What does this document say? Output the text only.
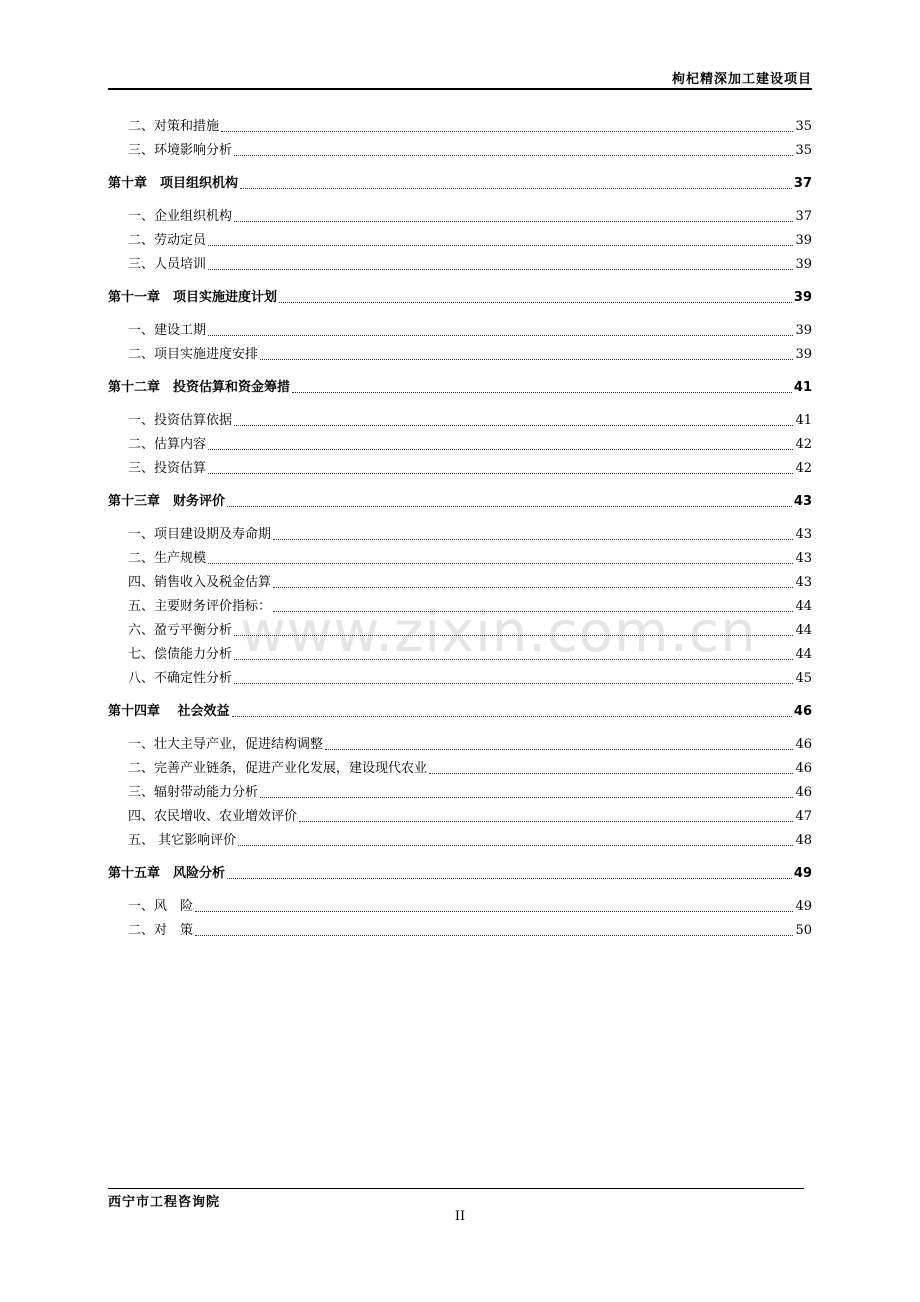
枸杞精深加工建设项目
www.zixin.com.cn
二、对策和措施	35
三、环境影响分析	35
第十章　项目组织机构	37
一、企业组织机构	37
二、劳动定员	39
三、人员培训	39
第十一章　项目实施进度计划	39
一、建设工期	39
二、项目实施进度安排	39
第十二章　投资估算和资金筹措	41
一、投资估算依据	41
二、估算内容	42
三、投资估算	42
第十三章　财务评价	43
一、项目建设期及寿命期	43
二、生产规模	43
四、销售收入及税金估算	43
五、主要财务评价指标：	44
六、盈亏平衡分析	44
七、偿债能力分析	44
八、不确定性分析	45
第十四章　 社会效益	46
一、壮大主导产业，促进结构调整	46
二、完善产业链条，促进产业化发展，建设现代农业	46
三、辐射带动能力分析	46
四、农民增收、农业增效评价	47
五、 其它影响评价	48
第十五章　风险分析	49
一、风　险	49
二、对　策	50
西宁市工程咨询院
II
